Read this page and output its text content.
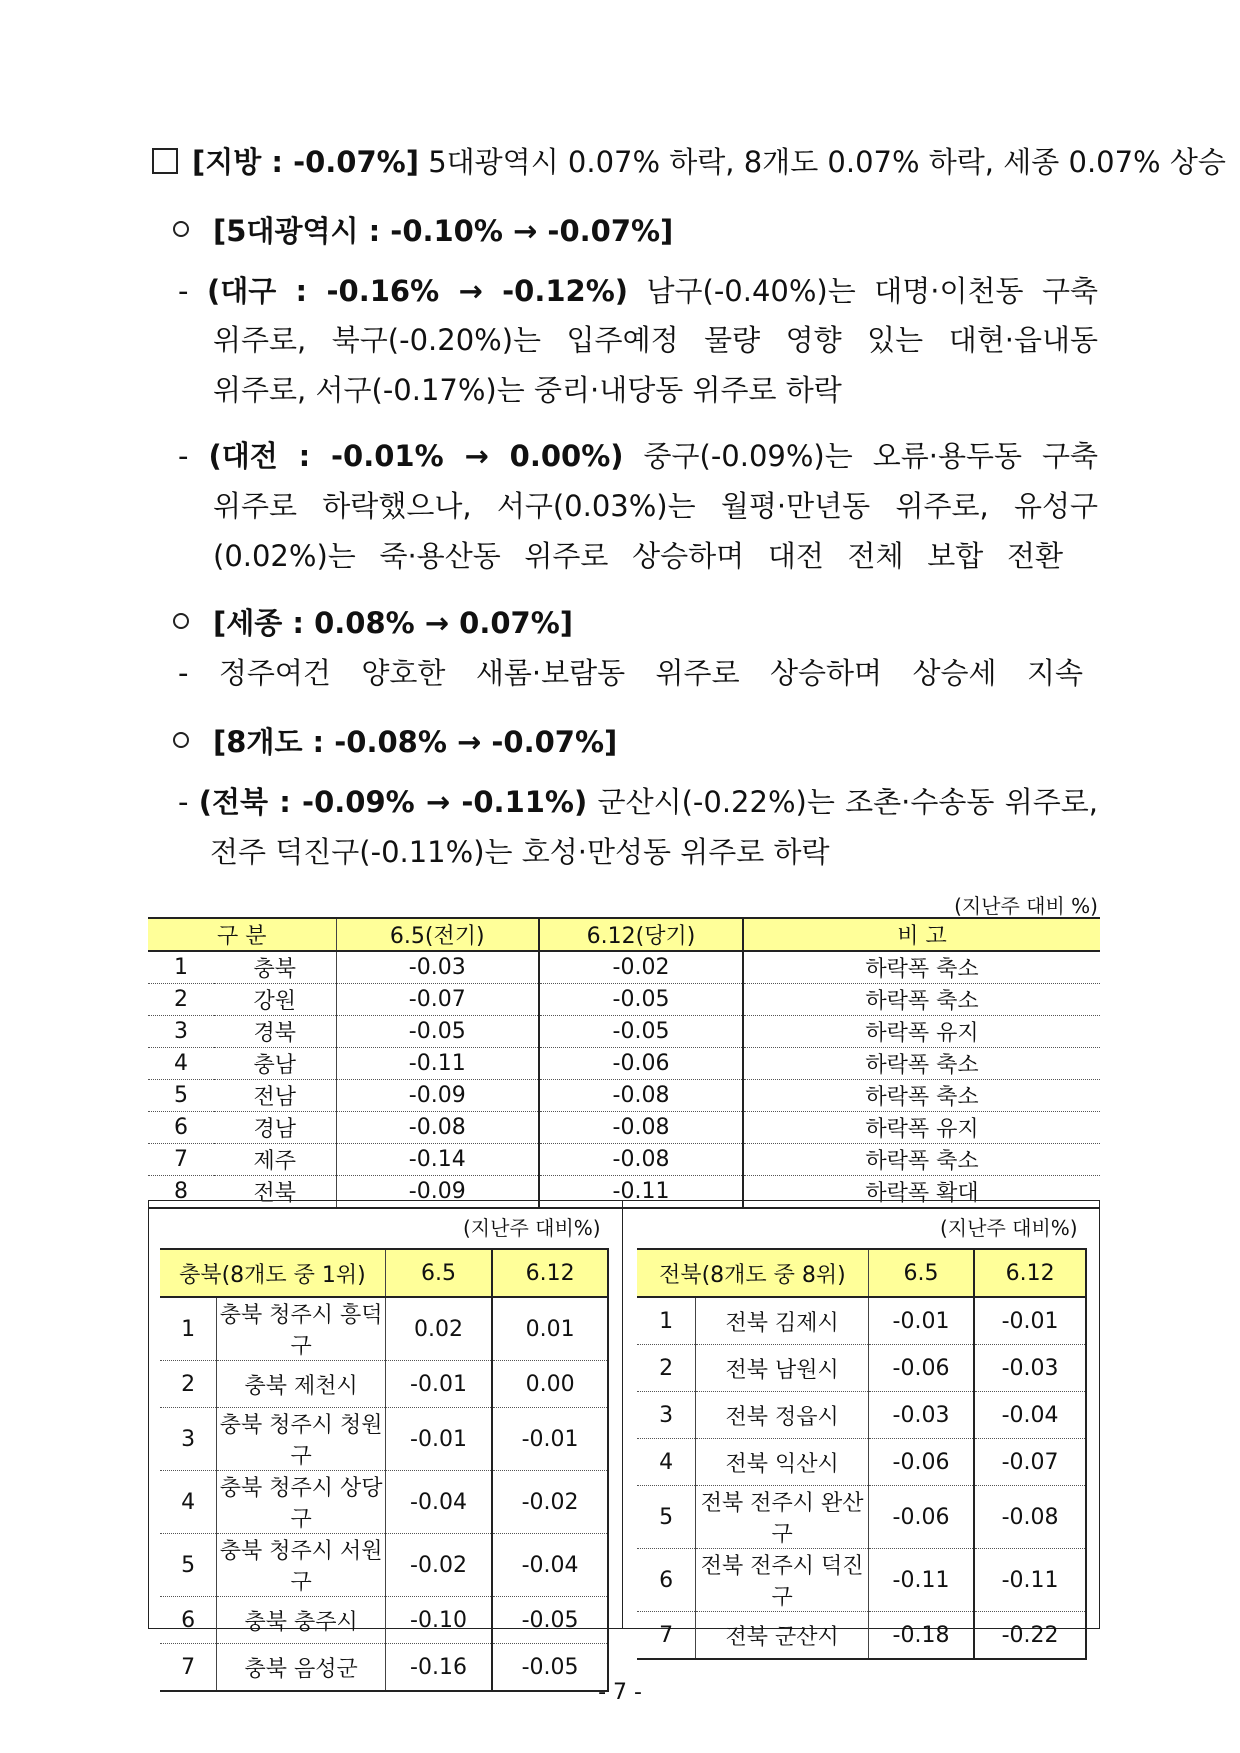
[지방 : -0.07%] 5대광역시 0.07% 하락, 8개도 0.07% 하락, 세종 0.07% 상승
[5대광역시 : -0.10% → -0.07%]
- (대구 : -0.16% → -0.12%) 남구(-0.40%)는 대명·이천동 구축
위주로, 북구(-0.20%)는 입주예정 물량 영향 있는 대현·읍내동
위주로, 서구(-0.17%)는 중리·내당동 위주로 하락
- (대전 : -0.01% → 0.00%) 중구(-0.09%)는 오류·용두동 구축
위주로 하락했으나, 서구(0.03%)는 월평·만년동 위주로, 유성구
(0.02%)는 죽·용산동 위주로 상승하며 대전 전체 보합 전환
[세종 : 0.08% → 0.07%]
- 정주여건 양호한 새롬·보람동 위주로 상승하며 상승세 지속
[8개도 : -0.08% → -0.07%]
- (전북 : -0.09% → -0.11%) 군산시(-0.22%)는 조촌·수송동 위주로,
전주 덕진구(-0.11%)는 호성·만성동 위주로 하락
(지난주 대비 %)
구 분		6.5(전기)	6.12(당기)	비 고
1	충북	-0.03	-0.02	하락폭 축소
2	강원	-0.07	-0.05	하락폭 축소
3	경북	-0.05	-0.05	하락폭 유지
4	충남	-0.11	-0.06	하락폭 축소
5	전남	-0.09	-0.08	하락폭 축소
6	경남	-0.08	-0.08	하락폭 유지
7	제주	-0.14	-0.08	하락폭 축소
8	전북	-0.09	-0.11	하락폭 확대
(지난주 대비%)	(지난주 대비%)
충북(8개도 중 1위)		6.5	6.12
1	충북 청주시 흥덕구	0.02	0.01
2	충북 제천시	-0.01	0.00
3	충북 청주시 청원구	-0.01	-0.01
4	충북 청주시 상당구	-0.04	-0.02
5	충북 청주시 서원구	-0.02	-0.04
6	충북 충주시	-0.10	-0.05
7	충북 음성군	-0.16	-0.05
전북(8개도 중 8위)		6.5	6.12
1	전북 김제시	-0.01	-0.01
2	전북 남원시	-0.06	-0.03
3	전북 정읍시	-0.03	-0.04
4	전북 익산시	-0.06	-0.07
5	전북 전주시 완산구	-0.06	-0.08
6	전북 전주시 덕진구	-0.11	-0.11
7	전북 군산시	-0.18	-0.22
- 7 -
